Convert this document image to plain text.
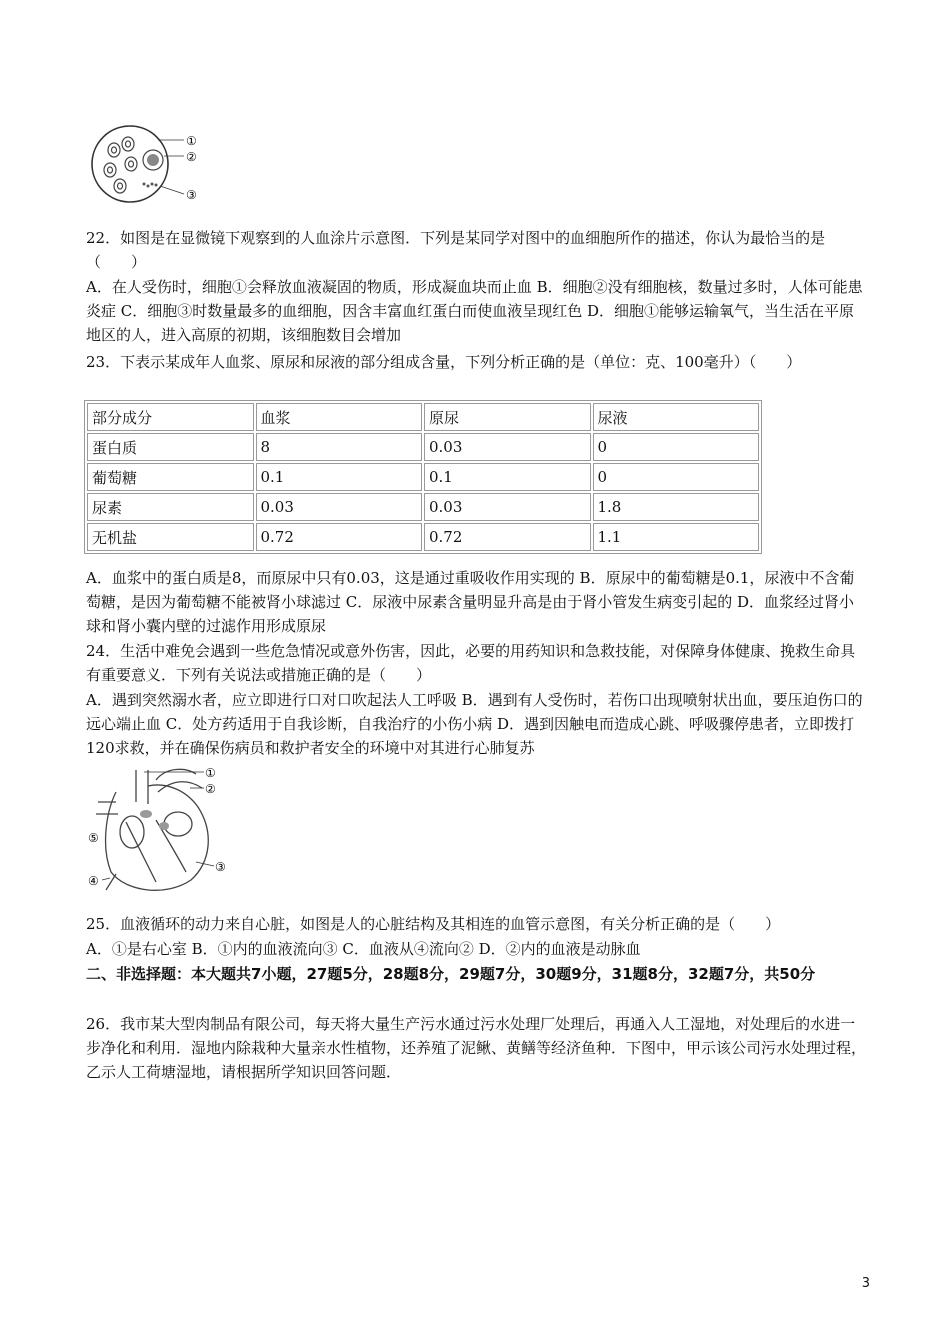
①
②
③

22．如图是在显微镜下观察到的人血涂片示意图．下列是某同学对图中的血细胞所作的描述，你认为最恰当的是（　　）

A．在人受伤时，细胞①会释放血液凝固的物质，形成凝血块而止血 B．细胞②没有细胞核，数量过多时，人体可能患炎症 C．细胞③时数量最多的血细胞，因含丰富血红蛋白而使血液呈现红色 D．细胞①能够运输氧气，当生活在平原地区的人，进入高原的初期，该细胞数目会增加

23．下表示某成年人血浆、原尿和尿液的部分组成含量，下列分析正确的是（单位：克、100毫升）（　　）

部分成分	血浆	原尿	尿液
蛋白质	8	0.03	0
葡萄糖	0.1	0.1	0
尿素	0.03	0.03	1.8
无机盐	0.72	0.72	1.1

A．血浆中的蛋白质是8，而原尿中只有0.03，这是通过重吸收作用实现的 B．原尿中的葡萄糖是0.1，尿液中不含葡萄糖，是因为葡萄糖不能被肾小球滤过 C．尿液中尿素含量明显升高是由于肾小管发生病变引起的 D．血浆经过肾小球和肾小囊内壁的过滤作用形成原尿

24．生活中难免会遇到一些危急情况或意外伤害，因此，必要的用药知识和急救技能，对保障身体健康、挽救生命具有重要意义．下列有关说法或措施正确的是（　　）

A．遇到突然溺水者，应立即进行口对口吹起法人工呼吸 B．遇到有人受伤时，若伤口出现喷射状出血，要压迫伤口的远心端止血 C．处方药适用于自我诊断，自我治疗的小伤小病 D．遇到因触电而造成心跳、呼吸骤停患者，立即拨打120求救，并在确保伤病员和救护者安全的环境中对其进行心肺复苏

①
②
③
④
⑤

25．血液循环的动力来自心脏，如图是人的心脏结构及其相连的血管示意图，有关分析正确的是（　　）

A．①是右心室 B．①内的血液流向③ C．血液从④流向② D．②内的血液是动脉血

二、非选择题：本大题共7小题，27题5分，28题8分，29题7分，30题9分，31题8分，32题7分，共50分

26．我市某大型肉制品有限公司，每天将大量生产污水通过污水处理厂处理后，再通入人工湿地，对处理后的水进一步净化和利用．湿地内除栽种大量亲水性植物，还养殖了泥鳅、黄鳝等经济鱼种．下图中，甲示该公司污水处理过程，乙示人工荷塘湿地，请根据所学知识回答问题．

3
